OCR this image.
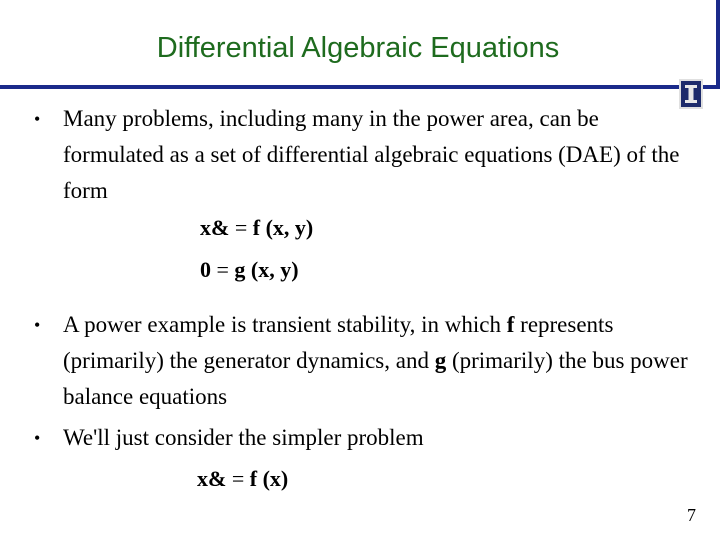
Differential Algebraic Equations
• Many problems, including many in the power area, can be formulated as a set of differential algebraic equations (DAE) of the form
x& = f (x, y)
0 = g (x, y)
• A power example is transient stability, in which f represents (primarily) the generator dynamics, and g (primarily) the bus power balance equations
• We'll just consider the simpler problem
x& = f (x)
7
